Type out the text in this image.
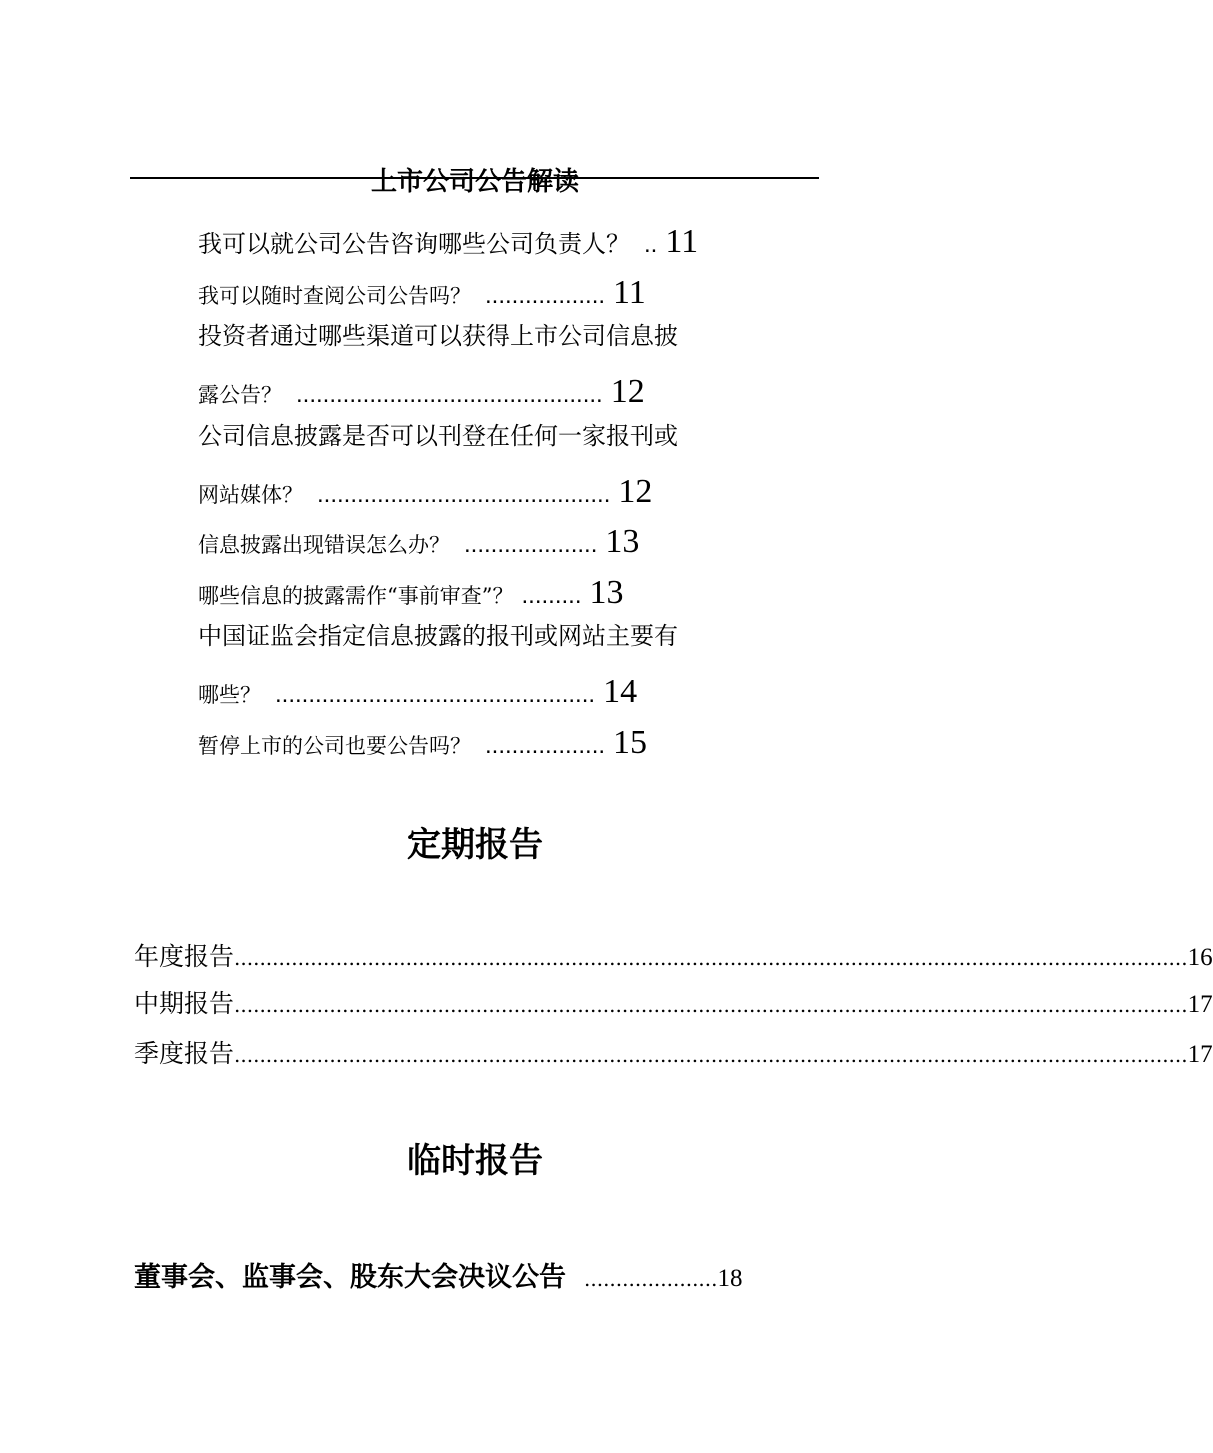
上市公司公告解读
我可以就公司公告咨询哪些公司负责人？ .. 11
我可以随时查阅公司公告吗？ .................. 11
投资者通过哪些渠道可以获得上市公司信息披
露公告？ .............................................. 12
公司信息披露是否可以刊登在任何一家报刊或
网站媒体？ ............................................ 12
信息披露出现错误怎么办？ .................... 13
哪些信息的披露需作“事前审查”？ ......... 13
中国证监会指定信息披露的报刊或网站主要有
哪些？ ................................................ 14
暂停上市的公司也要公告吗？ .................. 15
定期报告
年度报告 ...................................................................................................................................................... 16
中期报告 ...................................................................................................................................................... 17
季度报告 ...................................................................................................................................................... 17
临时报告
董事会、监事会、股东大会决议公告 ..................... 18
